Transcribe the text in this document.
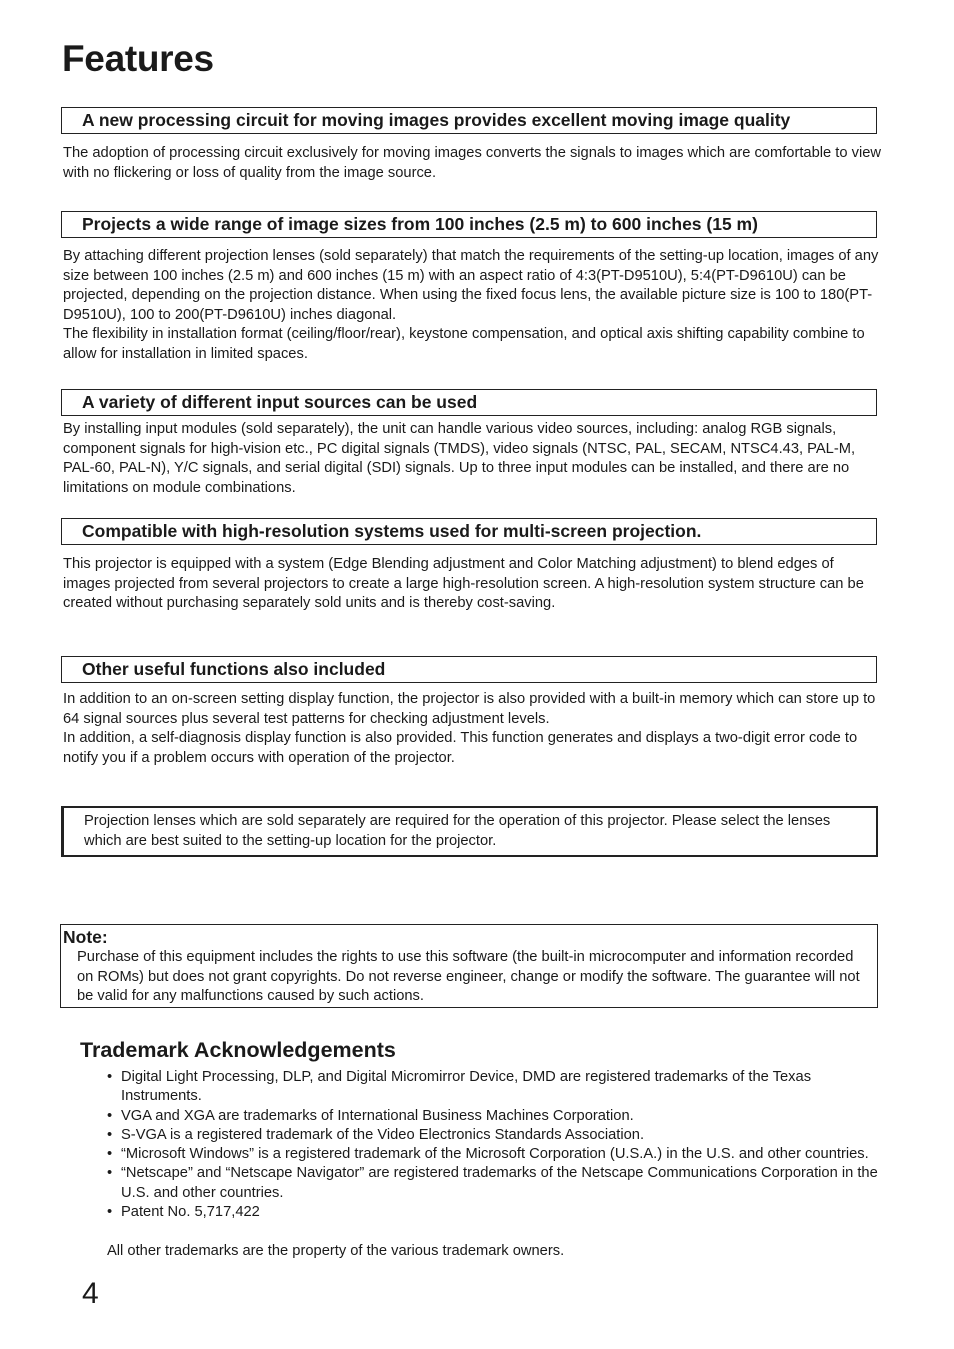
Features
A new processing circuit for moving images provides excellent moving image quality

The adoption of processing circuit exclusively for moving images converts the signals to images which are comfortable to view with no flickering or loss of quality from the image source.

Projects a wide range of image sizes from 100 inches (2.5 m) to 600 inches (15 m)

By attaching different projection lenses (sold separately) that match the requirements of the setting-up location, images of any size between 100 inches (2.5 m) and 600 inches (15 m) with an aspect ratio of 4:3(PT-D9510U), 5:4(PT-D9610U) can be projected, depending on the projection distance. When using the fixed focus lens, the available picture size is 100 to 180(PT-D9510U), 100 to 200(PT-D9610U) inches diagonal.

The flexibility in installation format (ceiling/floor/rear), keystone compensation, and optical axis shifting capability combine to allow for installation in limited spaces.

A variety of different input sources can be used

By installing input modules (sold separately), the unit can handle various video sources, including: analog RGB signals, component signals for high-vision etc., PC digital signals (TMDS), video signals (NTSC, PAL, SECAM, NTSC4.43, PAL-M, PAL-60, PAL-N), Y/C signals, and serial digital (SDI) signals. Up to three input modules can be installed, and there are no limitations on module combinations.

Compatible with high-resolution systems used for multi-screen projection.

This projector is equipped with a system (Edge Blending adjustment and Color Matching adjustment) to blend edges of images projected from several projectors to create a large high-resolution screen. A high-resolution system structure can be created without purchasing separately sold units and is thereby cost-saving.

Other useful functions also included

In addition to an on-screen setting display function, the projector is also provided with a built-in memory which can store up to 64 signal sources plus several test patterns for checking adjustment levels.

In addition, a self-diagnosis display function is also provided. This function generates and displays a two-digit error code to notify you if a problem occurs with operation of the projector.

Projection lenses which are sold separately are required for the operation of this projector. Please select the lenses which are best suited to the setting-up location for the projector.
Note:
Purchase of this equipment includes the rights to use this software (the built-in microcomputer and information recorded on ROMs) but does not grant copyrights. Do not reverse engineer, change or modify the software. The guarantee will not be valid for any malfunctions caused by such actions.
Trademark Acknowledgements
• Digital Light Processing, DLP, and Digital Micromirror Device, DMD are registered trademarks of the Texas Instruments.
• VGA and XGA are trademarks of International Business Machines Corporation.
• S-VGA is a registered trademark of the Video Electronics Standards Association.
• “Microsoft Windows” is a registered trademark of the Microsoft Corporation (U.S.A.) in the U.S. and other countries.
• “Netscape” and “Netscape Navigator” are registered trademarks of the Netscape Communications Corporation in the U.S. and other countries.
• Patent No. 5,717,422
All other trademarks are the property of the various trademark owners.
4
